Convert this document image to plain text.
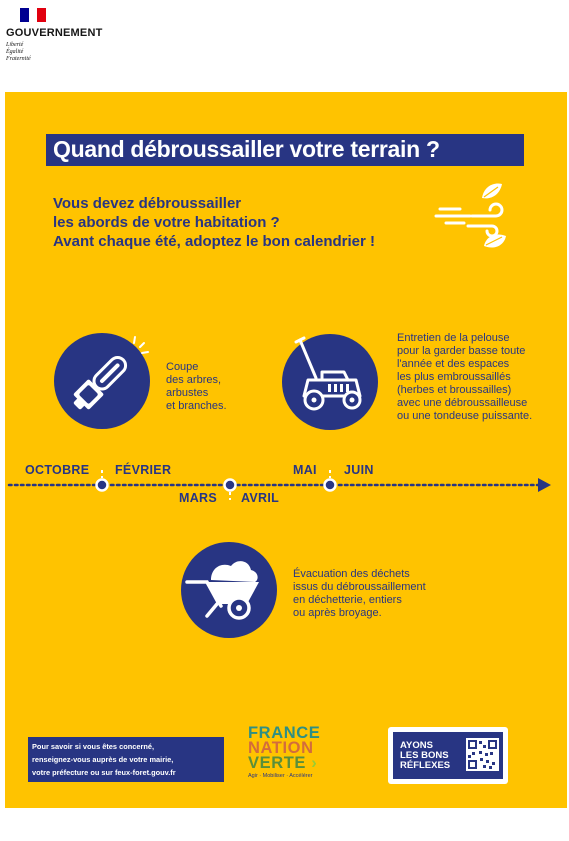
GOUVERNEMENT
Liberté
Égalité
Fraternité
Quand débroussailler votre terrain ?
Vous devez débroussailler
les abords de votre habitation ?
Avant chaque été, adoptez le bon calendrier !
Coupe
des arbres,
arbustes
et branches.
Entretien de la pelouse
pour la garder basse toute
l'année et des espaces
les plus embroussaillés
(herbes et broussailles)
avec une débroussailleuse
ou une tondeuse puissante.
OCTOBRE FÉVRIER
MARS AVRIL
MAI JUIN
Évacuation des déchets
issus du débroussaillement
en déchetterie, entiers
ou après broyage.
Pour savoir si vous êtes concerné,
renseignez-vous auprès de votre mairie,
votre préfecture ou sur feux-foret.gouv.fr
FRANCE
NATION
VERTE ›
Agir · Mobiliser · Accélérer
AYONS
LES BONS
RÉFLEXES
